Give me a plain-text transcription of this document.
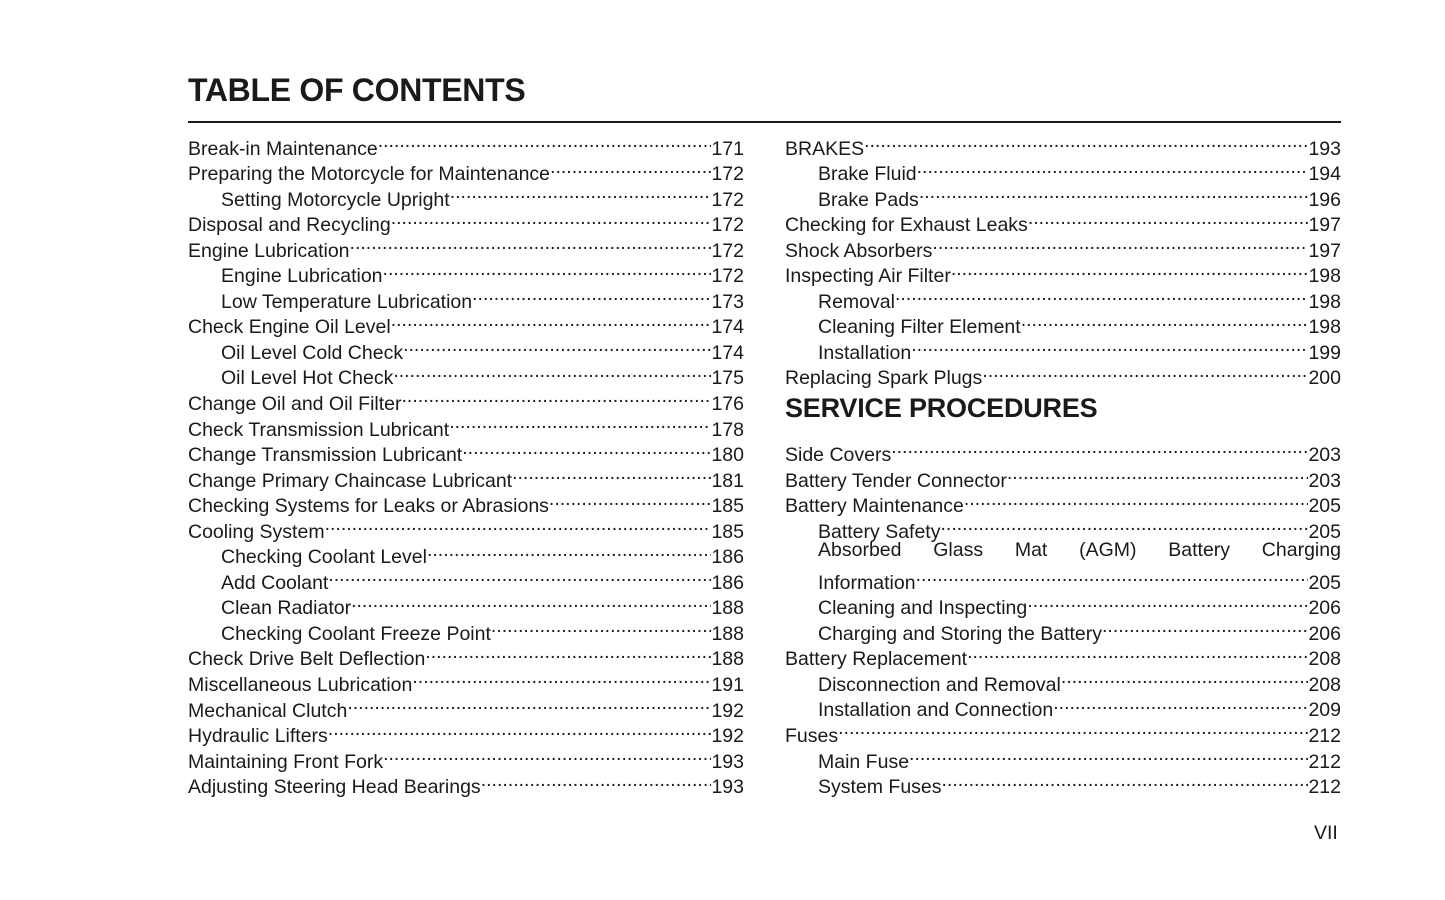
TABLE OF CONTENTS
Break-in Maintenance .....	171
Preparing the Motorcycle for Maintenance .....	172
Setting Motorcycle Upright .....	172
Disposal and Recycling .....	172
Engine Lubrication .....	172
Engine Lubrication .....	172
Low Temperature Lubrication .....	173
Check Engine Oil Level .....	174
Oil Level Cold Check .....	174
Oil Level Hot Check .....	175
Change Oil and Oil Filter .....	176
Check Transmission Lubricant .....	178
Change Transmission Lubricant .....	180
Change Primary Chaincase Lubricant .....	181
Checking Systems for Leaks or Abrasions .....	185
Cooling System .....	185
Checking Coolant Level .....	186
Add Coolant .....	186
Clean Radiator .....	188
Checking Coolant Freeze Point .....	188
Check Drive Belt Deflection .....	188
Miscellaneous Lubrication .....	191
Mechanical Clutch .....	192
Hydraulic Lifters .....	192
Maintaining Front Fork .....	193
Adjusting Steering Head Bearings .....	193
BRAKES .....	193
Brake Fluid .....	194
Brake Pads .....	196
Checking for Exhaust Leaks .....	197
Shock Absorbers .....	197
Inspecting Air Filter .....	198
Removal .....	198
Cleaning Filter Element .....	198
Installation .....	199
Replacing Spark Plugs .....	200
SERVICE PROCEDURES
Side Covers .....	203
Battery Tender Connector .....	203
Battery Maintenance .....	205
Battery Safety .....	205
Absorbed Glass Mat (AGM) Battery Charging
Information .....	205
Cleaning and Inspecting .....	206
Charging and Storing the Battery .....	206
Battery Replacement .....	208
Disconnection and Removal .....	208
Installation and Connection .....	209
Fuses .....	212
Main Fuse .....	212
System Fuses .....	212
VII
